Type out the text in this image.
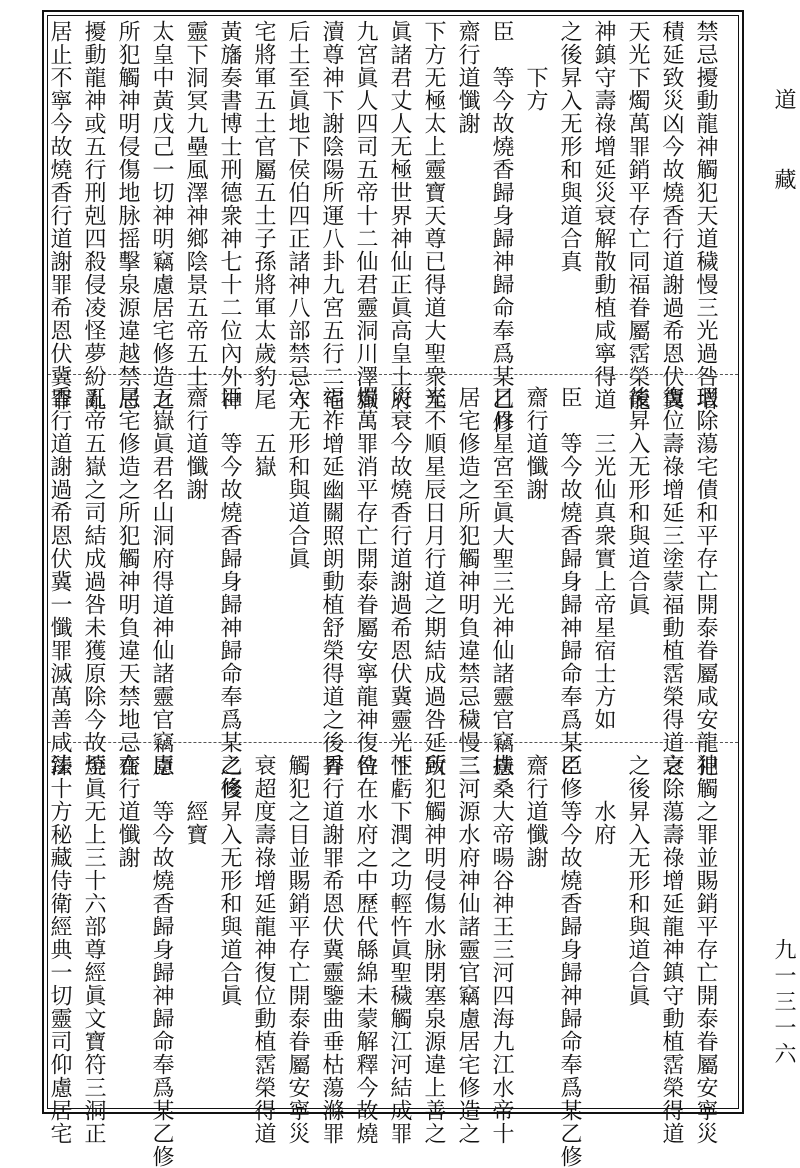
禁忌擾動龍神觸犯天道穢慢三光過咎增
積延致災凶今故燒香行道謝過希恩伏冀
天光下燭萬罪銷平存亡同福眷屬霑榮龍
神鎮守壽祿增延災衰解散動植咸寧得道
之後昇入无形和與道合真
　　下方
臣　等今故燒香歸身歸神歸命奉爲某乙修
齋行道懺謝
下方无極太上靈寶天尊已得道大聖衆至
眞諸君丈人无極世界神仙正眞高皇土府
九宮眞人四司五帝十二仙君靈洞川澤嶽
瀆尊神下謝陰陽所運八卦九宮五行二宅
后土至眞地下侯伯四正諸神八部禁忌守
宅將軍五土官屬五土子孫將軍太歲豹尾
黃旛奏書博士刑德衆神七十二位內外神
靈下洞冥九壘風澤神鄉陰景五帝五土
太皇中黃戊己一切神明竊慮居宅修造之
所犯觸神明侵傷地脉摇擊泉源違越禁忌
擾動龍神或五行刑剋四殺侵凌怪夢紛亂
居止不寧今故燒香行道謝罪希恩伏冀罪
瑕除蕩宅債和平存亡開泰眷屬咸安龍神
復位壽祿增延三塗蒙福動植霑榮得道之
後昇入无形和與道合眞
　　三光仙真衆實上帝星宿士方如
臣　等今故燒香歸身歸神歸命奉爲某乙修
齋行道懺謝
日月星宮至眞大聖三光神仙諸靈官竊慮
居宅修造之所犯觸神明負違禁忌穢慢三
光不順星辰日月行道之期結成過咎延致
災衰今故燒香行道謝過希恩伏冀靈光下
燭萬罪消平存亡開泰眷屬安寧龍神復位
福祚增延幽關照朗動植舒榮得道之後昇
入无形和與道合眞
　　五嶽
臣　等今故燒香歸身歸神歸命奉爲某乙修
齋行道懺謝
五嶽眞君名山洞府得道神仙諸靈官竊慮
居宅修造之所犯觸神明負違天禁地忌在
五帝五嶽之司結成過咎未獲原除今故燒
香行道謝過希恩伏冀一懺罪滅萬善咸臻
犯觸之罪並賜銷平存亡開泰眷屬安寧災
衰除蕩壽祿增延龍神鎮守動植霑榮得道
之後昇入无形和與道合眞
　　水府
臣　等今故燒香歸身歸神歸命奉爲某乙修
齋行道懺謝
扶桑大帝暘谷神王三河四海九江水帝十
二河源水府神仙諸靈官竊慮居宅修造之
所犯觸神明侵傷水脉閉塞泉源違上善之
性虧下潤之功輕忤眞聖穢觸江河結成罪
咎在水府之中歷代緜綿未蒙解釋今故燒
香行道謝罪希恩伏冀靈鑒曲垂枯蕩滌罪
觸犯之目並賜銷平存亡開泰眷屬安寧災
衰超度壽祿增延龍神復位動植霑榮得道
之後昇入无形和與道合眞
　　經寶
臣　等今故燒香歸身歸神歸命奉爲某乙修
齋行道懺謝
至眞无上三十六部尊經眞文寶符三洞正
法十方秘藏侍衛經典一切靈司仰慮居宅
道藏
九一三一六
